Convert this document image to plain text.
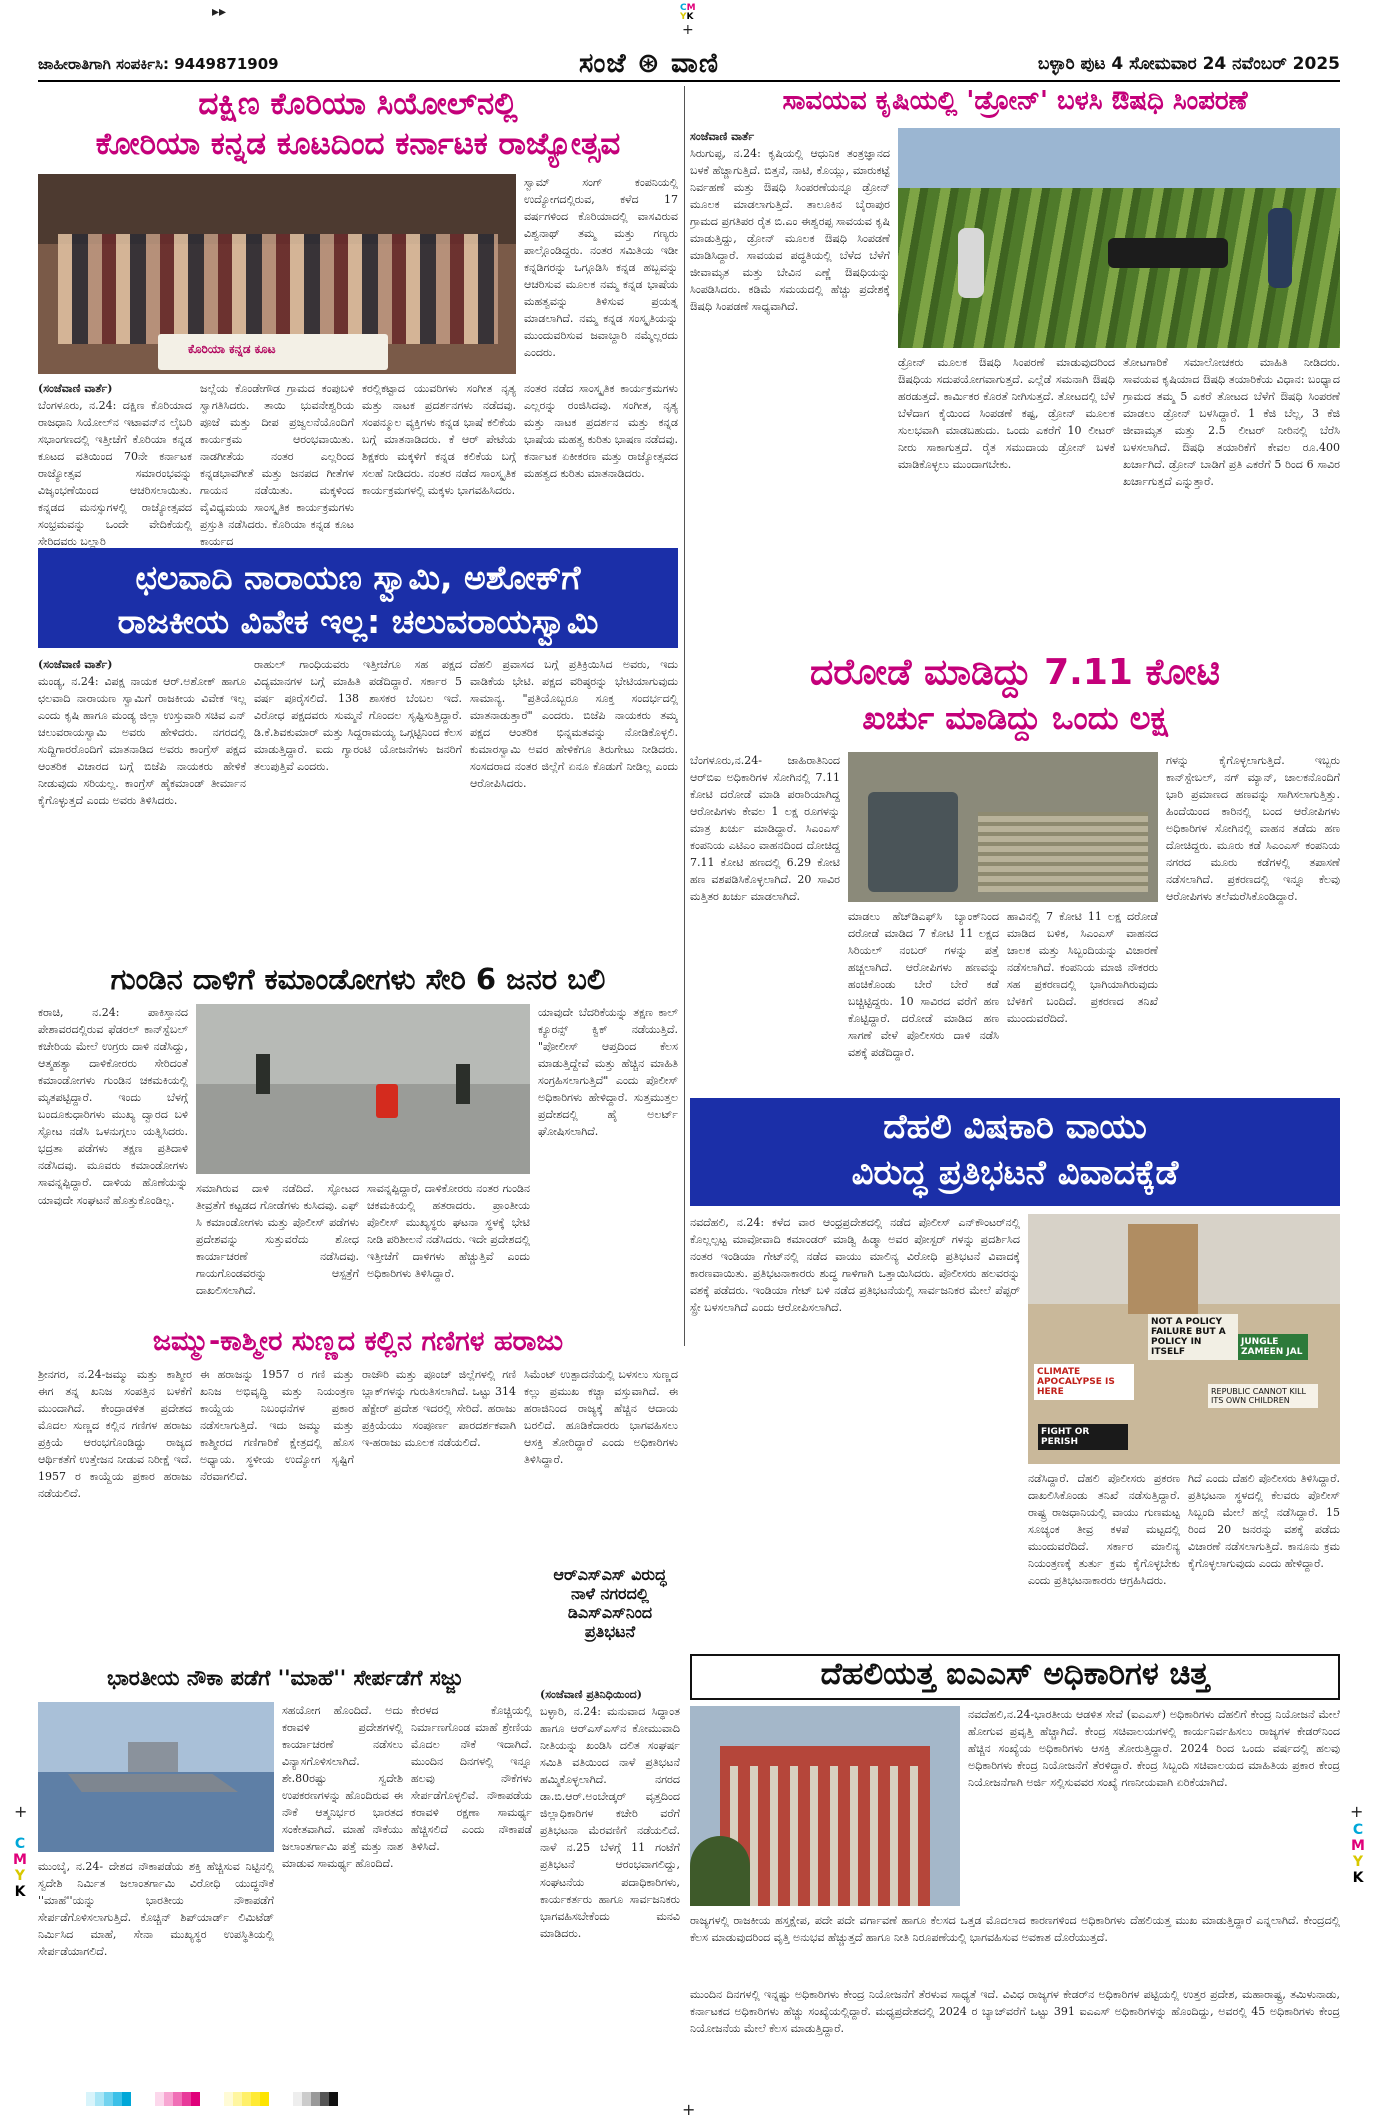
▸▸	CM
YK
+
+	+
+
C
M
Y
K
C
M
Y
K
ಜಾಹೀರಾತಿಗಾಗಿ ಸಂಪರ್ಕಿಸಿ: 9449871909	ಸಂಜೆ ⊛ ವಾಣಿ	ಬಳ್ಳಾರಿ ಪುಟ 4 ಸೋಮವಾರ 24 ನವೆಂಬರ್ 2025
ದಕ್ಷಿಣ ಕೊರಿಯಾ ಸಿಯೋಲ್‌ನಲ್ಲಿ
ಕೋರಿಯಾ ಕನ್ನಡ ಕೂಟದಿಂದ ಕರ್ನಾಟಕ ರಾಜ್ಯೋತ್ಸವ
ಕೊರಿಯಾ ಕನ್ನಡ ಕೂಟ
ಸ್ವಾಮ್ ಸಂಗ್ ಕಂಪನಿಯಲ್ಲಿ ಉದ್ಯೋಗದಲ್ಲಿರುವ, ಕಳೆದ 17 ವರ್ಷಗಳಿಂದ ಕೊರಿಯಾದಲ್ಲಿ ವಾಸವಿರುವ ವಿಶ್ವನಾಥ್ ತಮ್ಮ ಮತ್ತು ಗಣ್ಯರು ಪಾಲ್ಗೊಂಡಿದ್ದರು. ನಂತರ ಸಮಿತಿಯ ಇಡೀ ಕನ್ನಡಿಗರನ್ನು ಒಗ್ಗೂಡಿಸಿ ಕನ್ನಡ ಹಬ್ಬವನ್ನು ಆಚರಿಸುವ ಮೂಲಕ ನಮ್ಮ ಕನ್ನಡ ಭಾಷೆಯ ಮಹತ್ವವನ್ನು ತಿಳಿಸುವ ಪ್ರಯತ್ನ ಮಾಡಲಾಗಿದೆ. ನಮ್ಮ ಕನ್ನಡ ಸಂಸ್ಕೃತಿಯನ್ನು ಮುಂದುವರಿಸುವ ಜವಾಬ್ದಾರಿ ನಮ್ಮೆಲ್ಲರದು ಎಂದರು.
(ಸಂಜೆವಾಣಿ ವಾರ್ತೆ)
ಬೆಂಗಳೂರು, ನ.24: ದಕ್ಷಿಣ ಕೊರಿಯಾದ ರಾಜಧಾನಿ ಸಿಯೋಲ್‌ನ ಇಟಾವನ್‌ನ ಲೈಬರಿ ಸಭಾಂಗಣದಲ್ಲಿ ಇತ್ತೀಚೆಗೆ ಕೊರಿಯಾ ಕನ್ನಡ ಕೂಟದ ವತಿಯಿಂದ 70ನೇ ಕರ್ನಾಟಕ ರಾಜ್ಯೋತ್ಸವ ಸಮಾರಂಭವನ್ನು ವಿಜೃಂಭಣೆಯಿಂದ ಆಚರಿಸಲಾಯಿತು. ಕನ್ನಡದ ಮನಸ್ಸುಗಳಲ್ಲಿ ರಾಜ್ಯೋತ್ಸವದ ಸಂಭ್ರಮವನ್ನು ಒಂದೇ ವೇದಿಕೆಯಲ್ಲಿ ಸೇರಿದವರು ಬಲ್ಲಾರಿ
ಜಲ್ಲೆಯ ಕೊಂಡೇಗೌಡ ಗ್ರಾಮದ ಕಂಪುಬಳಿ ಸ್ವಾಗತಿಸಿದರು. ತಾಯಿ ಭುವನೇಶ್ವರಿಯ ಪೂಜೆ ಮತ್ತು ದೀಪ ಪ್ರಜ್ವಲನೆಯೊಂದಿಗೆ ಕಾರ್ಯಕ್ರಮ ಆರಂಭವಾಯಿತು. ನಾಡಗೀತೆಯ ನಂತರ ಎಲ್ಲರಿಂದ ಕನ್ನಡಭಾವಗೀತೆ ಮತ್ತು ಜನಪದ ಗೀತೆಗಳ ಗಾಯನ ನಡೆಯಿತು. ಮಕ್ಕಳಿಂದ ವೈವಿಧ್ಯಮಯ ಸಾಂಸ್ಕೃತಿಕ ಕಾರ್ಯಕ್ರಮಗಳು ಪ್ರಸ್ತುತಿ ನಡೆಸಿದರು. ಕೊರಿಯಾ ಕನ್ನಡ ಕೂಟ ಕಾರ್ಯದ
ಕರಲ್ಲಿಕಟ್ಟಾದ ಯುವರಿಗಳು ಸಂಗೀತ ನೃತ್ಯ ಮತ್ತು ನಾಟಕ ಪ್ರದರ್ಶನಗಳು ನಡೆದವು. ಸಂಪನ್ಮೂಲ ವ್ಯಕ್ತಿಗಳು ಕನ್ನಡ ಭಾಷೆ ಕಲಿಕೆಯ ಬಗ್ಗೆ ಮಾತನಾಡಿದರು. ಕೆ ಆರ್ ಪೇಟೆಯ ಶಿಕ್ಷಕರು ಮಕ್ಕಳಿಗೆ ಕನ್ನಡ ಕಲಿಕೆಯ ಬಗ್ಗೆ ಸಲಹೆ ನೀಡಿದರು. ನಂತರ ನಡೆದ ಸಾಂಸ್ಕೃತಿಕ ಕಾರ್ಯಕ್ರಮಗಳಲ್ಲಿ ಮಕ್ಕಳು ಭಾಗವಹಿಸಿದರು.
ನಂತರ ನಡೆದ ಸಾಂಸ್ಕೃತಿಕ ಕಾರ್ಯಕ್ರಮಗಳು ಎಲ್ಲರನ್ನು ರಂಜಿಸಿದವು. ಸಂಗೀತ, ನೃತ್ಯ ಮತ್ತು ನಾಟಕ ಪ್ರದರ್ಶನ ಮತ್ತು ಕನ್ನಡ ಭಾಷೆಯ ಮಹತ್ವ ಕುರಿತು ಭಾಷಣ ನಡೆದವು. ಕರ್ನಾಟಕ ಏಕೀಕರಣ ಮತ್ತು ರಾಜ್ಯೋತ್ಸವದ ಮಹತ್ವದ ಕುರಿತು ಮಾತನಾಡಿದರು.
ಸಾವಯವ ಕೃಷಿಯಲ್ಲಿ 'ಡ್ರೋನ್' ಬಳಸಿ ಔಷಧಿ ಸಿಂಪರಣೆ
ಸಂಜೆವಾಣಿ ವಾರ್ತೆ
ಸಿರುಗುಪ್ಪ, ನ.24: ಕೃಷಿಯಲ್ಲಿ ಆಧುನಿಕ ತಂತ್ರಜ್ಞಾನದ ಬಳಕೆ ಹೆಚ್ಚಾಗುತ್ತಿದೆ. ಬಿತ್ತನೆ, ನಾಟಿ, ಕೊಯ್ಲು, ಮಾರುಕಟ್ಟೆ ನಿರ್ವಹಣೆ ಮತ್ತು ಔಷಧಿ ಸಿಂಪರಣೆಯನ್ನೂ ಡ್ರೋನ್ ಮೂಲಕ ಮಾಡಲಾಗುತ್ತಿದೆ. ತಾಲೂಕಿನ ಬೈರಾಪುರ ಗ್ರಾಮದ ಪ್ರಗತಿಪರ ರೈತ ಬಿ.ಎಂ ಈಶ್ವರಪ್ಪ ಸಾವಯವ ಕೃಷಿ ಮಾಡುತ್ತಿದ್ದು, ಡ್ರೋನ್ ಮೂಲಕ ಔಷಧಿ ಸಿಂಪಡಣೆ ಮಾಡಿಸಿದ್ದಾರೆ. ಸಾವಯವ ಪದ್ಧತಿಯಲ್ಲಿ ಬೆಳೆದ ಬೆಳೆಗೆ ಜೀವಾಮೃತ ಮತ್ತು ಬೇವಿನ ಎಣ್ಣೆ ಔಷಧಿಯನ್ನು ಸಿಂಪಡಿಸಿದರು. ಕಡಿಮೆ ಸಮಯದಲ್ಲಿ ಹೆಚ್ಚು ಪ್ರದೇಶಕ್ಕೆ ಔಷಧಿ ಸಿಂಪಡಣೆ ಸಾಧ್ಯವಾಗಿದೆ.
ಡ್ರೋನ್ ಮೂಲಕ ಔಷಧಿ ಸಿಂಪರಣೆ ಮಾಡುವುದರಿಂದ ಔಷಧಿಯ ಸದುಪಯೋಗವಾಗುತ್ತದೆ. ಎಲ್ಲೆಡೆ ಸಮನಾಗಿ ಔಷಧಿ ಹರಡುತ್ತದೆ. ಕಾರ್ಮಿಕರ ಕೊರತೆ ನೀಗಿಸುತ್ತದೆ. ತೋಟದಲ್ಲಿ ಬೆಳೆ ಬೆಳೆದಾಗ ಕೈಯಿಂದ ಸಿಂಪಡಣೆ ಕಷ್ಟ, ಡ್ರೋನ್ ಮೂಲಕ ಸುಲಭವಾಗಿ ಮಾಡಬಹುದು. ಒಂದು ಎಕರೆಗೆ 10 ಲೀಟರ್ ನೀರು ಸಾಕಾಗುತ್ತದೆ. ರೈತ ಸಮುದಾಯ ಡ್ರೋನ್ ಬಳಕೆ ಮಾಡಿಕೊಳ್ಳಲು ಮುಂದಾಗಬೇಕು.
ತೋಟಗಾರಿಕೆ ಸಮಾಲೋಚಕರು ಮಾಹಿತಿ ನೀಡಿದರು. ಸಾವಯವ ಕೃಷಿಯಾದ ಔಷಧಿ ತಯಾರಿಕೆಯ ವಿಧಾನ: ಬಂಧ್ಯಾದ ಗ್ರಾಮದ ತಮ್ಮ 5 ಎಕರೆ ತೋಟದ ಬೆಳೆಗೆ ಔಷಧಿ ಸಿಂಪರಣೆ ಮಾಡಲು ಡ್ರೋನ್ ಬಳಸಿದ್ದಾರೆ. 1 ಕೆಜಿ ಬೆಲ್ಲ, 3 ಕೆಜಿ ಜೀವಾಮೃತ ಮತ್ತು 2.5 ಲೀಟರ್ ನೀರಿನಲ್ಲಿ ಬೆರೆಸಿ ಬಳಸಲಾಗಿದೆ. ಔಷಧಿ ತಯಾರಿಕೆಗೆ ಕೇವಲ ರೂ.400 ಖರ್ಚಾಗಿದೆ. ಡ್ರೋನ್ ಬಾಡಿಗೆ ಪ್ರತಿ ಎಕರೆಗೆ 5 ರಿಂದ 6 ಸಾವಿರ ಖರ್ಚಾಗುತ್ತದೆ ಎನ್ನುತ್ತಾರೆ.
ಛಲವಾದಿ ನಾರಾಯಣ ಸ್ವಾಮಿ, ಅಶೋಕ್‌ಗೆ
ರಾಜಕೀಯ ವಿವೇಕ ಇಲ್ಲ: ಚಲುವರಾಯಸ್ವಾಮಿ
(ಸಂಜೆವಾಣಿ ವಾರ್ತೆ)
ಮಂಡ್ಯ, ನ.24: ವಿಪಕ್ಷ ನಾಯಕ ಆರ್.ಅಶೋಕ್ ಹಾಗೂ ಛಲವಾದಿ ನಾರಾಯಣ ಸ್ವಾಮಿಗೆ ರಾಜಕೀಯ ವಿವೇಕ ಇಲ್ಲ ಎಂದು ಕೃಷಿ ಹಾಗೂ ಮಂಡ್ಯ ಜಿಲ್ಲಾ ಉಸ್ತುವಾರಿ ಸಚಿವ ಎನ್ ಚಲುವರಾಯಸ್ವಾಮಿ ಅವರು ಹೇಳಿದರು. ನಗರದಲ್ಲಿ ಸುದ್ದಿಗಾರರೊಂದಿಗೆ ಮಾತನಾಡಿದ ಅವರು ಕಾಂಗ್ರೆಸ್ ಪಕ್ಷದ ಆಂತರಿಕ ವಿಚಾರದ ಬಗ್ಗೆ ಬಿಜೆಪಿ ನಾಯಕರು ಹೇಳಿಕೆ ನೀಡುವುದು ಸರಿಯಲ್ಲ. ಕಾಂಗ್ರೆಸ್ ಹೈಕಮಾಂಡ್ ತೀರ್ಮಾನ ಕೈಗೊಳ್ಳುತ್ತದೆ ಎಂದು ಅವರು ತಿಳಿಸಿದರು.
ರಾಹುಲ್ ಗಾಂಧಿಯವರು ಇತ್ತೀಚೆಗೂ ಸಹ ಪಕ್ಷದ ವಿದ್ಯಮಾನಗಳ ಬಗ್ಗೆ ಮಾಹಿತಿ ಪಡೆದಿದ್ದಾರೆ. ಸರ್ಕಾರ 5 ವರ್ಷ ಪೂರೈಸಲಿದೆ. 138 ಶಾಸಕರ ಬೆಂಬಲ ಇದೆ. ವಿರೋಧ ಪಕ್ಷದವರು ಸುಮ್ಮನೆ ಗೊಂದಲ ಸೃಷ್ಟಿಸುತ್ತಿದ್ದಾರೆ. ಡಿ.ಕೆ.ಶಿವಕುಮಾರ್ ಮತ್ತು ಸಿದ್ದರಾಮಯ್ಯ ಒಗ್ಗಟ್ಟಿನಿಂದ ಕೆಲಸ ಮಾಡುತ್ತಿದ್ದಾರೆ. ಐದು ಗ್ಯಾರಂಟಿ ಯೋಜನೆಗಳು ಜನರಿಗೆ ತಲುಪುತ್ತಿವೆ ಎಂದರು.
ದೆಹಲಿ ಪ್ರವಾಸದ ಬಗ್ಗೆ ಪ್ರತಿಕ್ರಿಯಿಸಿದ ಅವರು, ಇದು ವಾಡಿಕೆಯ ಭೇಟಿ. ಪಕ್ಷದ ವರಿಷ್ಠರನ್ನು ಭೇಟಿಯಾಗುವುದು ಸಾಮಾನ್ಯ. "ಪ್ರತಿಯೊಬ್ಬರೂ ಸೂಕ್ತ ಸಂದರ್ಭದಲ್ಲಿ ಮಾತನಾಡುತ್ತಾರೆ" ಎಂದರು. ಬಿಜೆಪಿ ನಾಯಕರು ತಮ್ಮ ಪಕ್ಷದ ಆಂತರಿಕ ಭಿನ್ನಮತವನ್ನು ನೋಡಿಕೊಳ್ಳಲಿ. ಕುಮಾರಸ್ವಾಮಿ ಅವರ ಹೇಳಿಕೆಗೂ ತಿರುಗೇಟು ನೀಡಿದರು. ಸಂಸದರಾದ ನಂತರ ಜಿಲ್ಲೆಗೆ ಏನೂ ಕೊಡುಗೆ ನೀಡಿಲ್ಲ ಎಂದು ಆರೋಪಿಸಿದರು.
ದರೋಡೆ ಮಾಡಿದ್ದು 7.11 ಕೋಟಿ
ಖರ್ಚು ಮಾಡಿದ್ದು ಒಂದು ಲಕ್ಷ
ಬೆಂಗಳೂರು,ನ.24- ಜಾಹಿರಾತಿನಿಂದ ಆರ್‌ಬಿಐ ಅಧಿಕಾರಿಗಳ ಸೋಗಿನಲ್ಲಿ 7.11 ಕೋಟಿ ದರೋಡೆ ಮಾಡಿ ಪರಾರಿಯಾಗಿದ್ದ ಆರೋಪಿಗಳು ಕೇವಲ 1 ಲಕ್ಷ ರೂಗಳನ್ನು ಮಾತ್ರ ಖರ್ಚು ಮಾಡಿದ್ದಾರೆ. ಸಿಎಂಎಸ್ ಕಂಪನಿಯ ಎಟಿಎಂ ವಾಹನದಿಂದ ದೋಚಿದ್ದ 7.11 ಕೋಟಿ ಹಣದಲ್ಲಿ 6.29 ಕೋಟಿ ಹಣ ವಶಪಡಿಸಿಕೊಳ್ಳಲಾಗಿದೆ. 20 ಸಾವಿರ ಮತ್ತಿತರ ಖರ್ಚು ಮಾಡಲಾಗಿದೆ.
ಮಾಡಲು ಹೆಚ್‌ಡಿಎಫ್‌ಸಿ ಬ್ಯಾಂಕ್‌ನಿಂದ ದರೋಡೆ ಮಾಡಿದ 7 ಕೋಟಿ 11 ಲಕ್ಷದ ಸಿರಿಯಲ್ ನಂಬರ್ ಗಳನ್ನು ಪತ್ತೆ ಹಚ್ಚಲಾಗಿದೆ. ಆರೋಪಿಗಳು ಹಣವನ್ನು ಹಂಚಿಕೊಂಡು ಬೇರೆ ಬೇರೆ ಕಡೆ ಬಚ್ಚಿಟ್ಟಿದ್ದರು. 10 ಸಾವಿರದ ವರೆಗೆ ಹಣ ಕೊಟ್ಟಿದ್ದಾರೆ. ದರೋಡೆ ಮಾಡಿದ ಹಣ ಸಾಗಣೆ ವೇಳೆ ಪೊಲೀಸರು ದಾಳಿ ನಡೆಸಿ ವಶಕ್ಕೆ ಪಡೆದಿದ್ದಾರೆ.
ಹಾವಿನಲ್ಲಿ 7 ಕೋಟಿ 11 ಲಕ್ಷ ದರೋಡೆ ಮಾಡಿದ ಬಳಿಕ, ಸಿಎಂಎಸ್ ವಾಹನದ ಚಾಲಕ ಮತ್ತು ಸಿಬ್ಬಂದಿಯನ್ನು ವಿಚಾರಣೆ ನಡೆಸಲಾಗಿದೆ. ಕಂಪನಿಯ ಮಾಜಿ ನೌಕರರು ಸಹ ಪ್ರಕರಣದಲ್ಲಿ ಭಾಗಿಯಾಗಿರುವುದು ಬೆಳಕಿಗೆ ಬಂದಿದೆ. ಪ್ರಕರಣದ ತನಿಖೆ ಮುಂದುವರೆದಿದೆ.
ಗಳನ್ನು ಕೈಗೊಳ್ಳಲಾಗುತ್ತಿದೆ. ಇಬ್ಬರು ಕಾನ್‌ಸ್ಟೇಬಲ್, ನಗ್ ಮ್ಯಾನ್, ಚಾಲಕನೊಂದಿಗೆ ಭಾರಿ ಪ್ರಮಾಣದ ಹಣವನ್ನು ಸಾಗಿಸಲಾಗುತ್ತಿತ್ತು. ಹಿಂದೆಯಿಂದ ಕಾರಿನಲ್ಲಿ ಬಂದ ಆರೋಪಿಗಳು ಅಧಿಕಾರಿಗಳ ಸೋಗಿನಲ್ಲಿ ವಾಹನ ತಡೆದು ಹಣ ದೋಚಿದ್ದರು. ಮೂರು ಕಡೆ ಸಿಎಂಎಸ್ ಕಂಪನಿಯ ನಗರದ ಮೂರು ಕಡೆಗಳಲ್ಲಿ ತಪಾಸಣೆ ನಡೆಸಲಾಗಿದೆ. ಪ್ರಕರಣದಲ್ಲಿ ಇನ್ನೂ ಕೆಲವು ಆರೋಪಿಗಳು ತಲೆಮರೆಸಿಕೊಂಡಿದ್ದಾರೆ.
ಗುಂಡಿನ ದಾಳಿಗೆ ಕಮಾಂಡೋಗಳು ಸೇರಿ 6 ಜನರ ಬಲಿ
ಕರಾಚಿ, ನ.24: ಪಾಕಿಸ್ತಾನದ ಪೇಶಾವರದಲ್ಲಿರುವ ಫೆಡರಲ್ ಕಾನ್‌ಸ್ಟೆಬಲ್ ಕಚೇರಿಯ ಮೇಲೆ ಉಗ್ರರು ದಾಳಿ ನಡೆಸಿದ್ದು, ಆತ್ಮಹತ್ಯಾ ದಾಳಿಕೋರರು ಸೇರಿದಂತೆ ಕಮಾಂಡೋಗಳು ಗುಂಡಿನ ಚಕಮಕಿಯಲ್ಲಿ ಮೃತಪಟ್ಟಿದ್ದಾರೆ. ಇಂದು ಬೆಳಗ್ಗೆ ಬಂದೂಕುಧಾರಿಗಳು ಮುಖ್ಯ ದ್ವಾರದ ಬಳಿ ಸ್ಫೋಟ ನಡೆಸಿ ಒಳನುಗ್ಗಲು ಯತ್ನಿಸಿದರು. ಭದ್ರತಾ ಪಡೆಗಳು ತಕ್ಷಣ ಪ್ರತಿದಾಳಿ ನಡೆಸಿದವು. ಮೂವರು ಕಮಾಂಡೋಗಳು ಸಾವನ್ನಪ್ಪಿದ್ದಾರೆ. ದಾಳಿಯ ಹೊಣೆಯನ್ನು ಯಾವುದೇ ಸಂಘಟನೆ ಹೊತ್ತುಕೊಂಡಿಲ್ಲ.
ಸಮಾಗಿರುವ ದಾಳಿ ನಡೆದಿದೆ. ಸ್ಫೋಟದ ತೀವ್ರತೆಗೆ ಕಟ್ಟಡದ ಗೋಡೆಗಳು ಕುಸಿದವು. ಎಫ್ ಸಿ ಕಮಾಂಡೋಗಳು ಮತ್ತು ಪೊಲೀಸ್ ಪಡೆಗಳು ಪ್ರದೇಶವನ್ನು ಸುತ್ತುವರೆದು ಶೋಧ ಕಾರ್ಯಾಚರಣೆ ನಡೆಸಿದವು. ಗಾಯಗೊಂಡವರನ್ನು ಆಸ್ಪತ್ರೆಗೆ ದಾಖಲಿಸಲಾಗಿದೆ.
ಸಾವನ್ನಪ್ಪಿದ್ದಾರೆ, ದಾಳಿಕೋರರು ನಂತರ ಗುಂಡಿನ ಚಕಮಕಿಯಲ್ಲಿ ಹತರಾದರು. ಪ್ರಾಂತೀಯ ಪೊಲೀಸ್ ಮುಖ್ಯಸ್ಥರು ಘಟನಾ ಸ್ಥಳಕ್ಕೆ ಭೇಟಿ ನೀಡಿ ಪರಿಶೀಲನೆ ನಡೆಸಿದರು. ಇದೇ ಪ್ರದೇಶದಲ್ಲಿ ಇತ್ತೀಚೆಗೆ ದಾಳಿಗಳು ಹೆಚ್ಚುತ್ತಿವೆ ಎಂದು ಅಧಿಕಾರಿಗಳು ತಿಳಿಸಿದ್ದಾರೆ.
ಯಾವುದೇ ಬೆದರಿಕೆಯನ್ನು ತಕ್ಷಣ ಕಾಲ್ ಕ್ಯೂರನ್ಸ್ ಕ್ವಿಕ್ ನಡೆಯುತ್ತಿದೆ. "ಪೋಲೀಸ್ ಆಪ್ತದಿಂದ ಕೆಲಸ ಮಾಡುತ್ತಿದ್ದೇವೆ ಮತ್ತು ಹೆಚ್ಚಿನ ಮಾಹಿತಿ ಸಂಗ್ರಹಿಸಲಾಗುತ್ತಿದೆ" ಎಂದು ಪೊಲೀಸ್ ಅಧಿಕಾರಿಗಳು ಹೇಳಿದ್ದಾರೆ. ಸುತ್ತಮುತ್ತಲ ಪ್ರದೇಶದಲ್ಲಿ ಹೈ ಅಲರ್ಟ್ ಘೋಷಿಸಲಾಗಿದೆ.	ದೆಹಲಿ ವಿಷಕಾರಿ ವಾಯು
ವಿರುದ್ಧ ಪ್ರತಿಭಟನೆ ವಿವಾದಕ್ಕೆಡೆ
ನವದೆಹಲಿ, ನ.24: ಕಳೆದ ವಾರ ಆಂಧ್ರಪ್ರದೇಶದಲ್ಲಿ ನಡೆದ ಪೊಲೀಸ್ ಎನ್‌ಕೌಂಟರ್‌ನಲ್ಲಿ ಕೊಲ್ಲಲ್ಪಟ್ಟ ಮಾವೋವಾದಿ ಕಮಾಂಡರ್ ಮಾಡ್ವಿ ಹಿಡ್ಮಾ ಅವರ ಪೋಸ್ಟರ್ ಗಳನ್ನು ಪ್ರದರ್ಶಿಸಿದ ನಂತರ ಇಂಡಿಯಾ ಗೇಟ್‌ನಲ್ಲಿ ನಡೆದ ವಾಯು ಮಾಲಿನ್ಯ ವಿರೋಧಿ ಪ್ರತಿಭಟನೆ ವಿವಾದಕ್ಕೆ ಕಾರಣವಾಯಿತು. ಪ್ರತಿಭಟನಾಕಾರರು ಶುದ್ಧ ಗಾಳಿಗಾಗಿ ಒತ್ತಾಯಿಸಿದರು. ಪೊಲೀಸರು ಹಲವರನ್ನು ವಶಕ್ಕೆ ಪಡೆದರು. ಇಂಡಿಯಾ ಗೇಟ್ ಬಳಿ ನಡೆದ ಪ್ರತಿಭಟನೆಯಲ್ಲಿ ಸಾರ್ವಜನಿಕರ ಮೇಲೆ ಪೆಪ್ಪರ್ ಸ್ಪ್ರೇ ಬಳಸಲಾಗಿದೆ ಎಂದು ಆರೋಪಿಸಲಾಗಿದೆ.
NOT A POLICY FAILURE BUT A POLICY IN ITSELF
CLIMATE APOCALYPSE IS HERE
FIGHT OR PERISH
REPUBLIC CANNOT KILL ITS OWN CHILDREN
JUNGLE ZAMEEN JAL
ನಡೆಸಿದ್ದಾರೆ. ದೆಹಲಿ ಪೊಲೀಸರು ಪ್ರಕರಣ ದಾಖಲಿಸಿಕೊಂಡು ತನಿಖೆ ನಡೆಸುತ್ತಿದ್ದಾರೆ. ರಾಷ್ಟ್ರ ರಾಜಧಾನಿಯಲ್ಲಿ ವಾಯು ಗುಣಮಟ್ಟ ಸೂಚ್ಯಂಕ ತೀವ್ರ ಕಳಪೆ ಮಟ್ಟದಲ್ಲಿ ಮುಂದುವರೆದಿದೆ. ಸರ್ಕಾರ ಮಾಲಿನ್ಯ ನಿಯಂತ್ರಣಕ್ಕೆ ತುರ್ತು ಕ್ರಮ ಕೈಗೊಳ್ಳಬೇಕು ಎಂದು ಪ್ರತಿಭಟನಾಕಾರರು ಆಗ್ರಹಿಸಿದರು.
ಗಿದೆ ಎಂದು ದೆಹಲಿ ಪೊಲೀಸರು ತಿಳಿಸಿದ್ದಾರೆ. ಪ್ರತಿಭಟನಾ ಸ್ಥಳದಲ್ಲಿ ಕೆಲವರು ಪೊಲೀಸ್ ಸಿಬ್ಬಂದಿ ಮೇಲೆ ಹಲ್ಲೆ ನಡೆಸಿದ್ದಾರೆ. 15 ರಿಂದ 20 ಜನರನ್ನು ವಶಕ್ಕೆ ಪಡೆದು ವಿಚಾರಣೆ ನಡೆಸಲಾಗುತ್ತಿದೆ. ಕಾನೂನು ಕ್ರಮ ಕೈಗೊಳ್ಳಲಾಗುವುದು ಎಂದು ಹೇಳಿದ್ದಾರೆ.
ಜಮ್ಮು-ಕಾಶ್ಮೀರ ಸುಣ್ಣದ ಕಲ್ಲಿನ ಗಣಿಗಳ ಹರಾಜು
ಶ್ರೀನಗರ, ನ.24-ಜಮ್ಮು ಮತ್ತು ಕಾಶ್ಮೀರ ಈಗ ತನ್ನ ಖನಿಜ ಸಂಪತ್ತಿನ ಬಳಕೆಗೆ ಮುಂದಾಗಿದೆ. ಕೇಂದ್ರಾಡಳಿತ ಪ್ರದೇಶದ ಮೊದಲ ಸುಣ್ಣದ ಕಲ್ಲಿನ ಗಣಿಗಳ ಹರಾಜು ಪ್ರಕ್ರಿಯೆ ಆರಂಭಗೊಂಡಿದ್ದು ರಾಜ್ಯದ ಆರ್ಥಿಕತೆಗೆ ಉತ್ತೇಜನ ನೀಡುವ ನಿರೀಕ್ಷೆ ಇದೆ. 1957 ರ ಕಾಯ್ದೆಯ ಪ್ರಕಾರ ಹರಾಜು ನಡೆಯಲಿದೆ.
ಈ ಹರಾಜನ್ನು 1957 ರ ಗಣಿ ಮತ್ತು ಖನಿಜ ಅಭಿವೃದ್ಧಿ ಮತ್ತು ನಿಯಂತ್ರಣ ಕಾಯ್ದೆಯ ನಿಬಂಧನೆಗಳ ಪ್ರಕಾರ ನಡೆಸಲಾಗುತ್ತಿದೆ. ಇದು ಜಮ್ಮು ಮತ್ತು ಕಾಶ್ಮೀರದ ಗಣಿಗಾರಿಕೆ ಕ್ಷೇತ್ರದಲ್ಲಿ ಹೊಸ ಅಧ್ಯಾಯ. ಸ್ಥಳೀಯ ಉದ್ಯೋಗ ಸೃಷ್ಟಿಗೆ ನೆರವಾಗಲಿದೆ.
ರಾಜೌರಿ ಮತ್ತು ಪೂಂಚ್ ಜಿಲ್ಲೆಗಳಲ್ಲಿ ಗಣಿ ಬ್ಲಾಕ್‌ಗಳನ್ನು ಗುರುತಿಸಲಾಗಿದೆ. ಒಟ್ಟು 314 ಹೆಕ್ಟೇರ್ ಪ್ರದೇಶ ಇದರಲ್ಲಿ ಸೇರಿದೆ. ಹರಾಜು ಪ್ರಕ್ರಿಯೆಯು ಸಂಪೂರ್ಣ ಪಾರದರ್ಶಕವಾಗಿ ಇ-ಹರಾಜು ಮೂಲಕ ನಡೆಯಲಿದೆ.
ಸಿಮೆಂಟ್ ಉತ್ಪಾದನೆಯಲ್ಲಿ ಬಳಸಲು ಸುಣ್ಣದ ಕಲ್ಲು ಪ್ರಮುಖ ಕಚ್ಚಾ ವಸ್ತುವಾಗಿದೆ. ಈ ಹರಾಜಿನಿಂದ ರಾಜ್ಯಕ್ಕೆ ಹೆಚ್ಚಿನ ಆದಾಯ ಬರಲಿದೆ. ಹೂಡಿಕೆದಾರರು ಭಾಗವಹಿಸಲು ಆಸಕ್ತಿ ತೋರಿದ್ದಾರೆ ಎಂದು ಅಧಿಕಾರಿಗಳು ತಿಳಿಸಿದ್ದಾರೆ.
ಆರ್‌ಎಸ್‌ಎಸ್ ವಿರುದ್ಧ ನಾಳೆ ನಗರದಲ್ಲಿ ಡಿಎಸ್‌ಎಸ್‌ನಿಂದ ಪ್ರತಿಭಟನೆ
(ಸಂಜೆವಾಣಿ ಪ್ರತಿನಿಧಿಯಿಂದ)
ಬಳ್ಳಾರಿ, ನ.24: ಮನುವಾದ ಸಿದ್ಧಾಂತ ಹಾಗೂ ಆರ್‌ಎಸ್‌ಎಸ್‌ನ ಕೋಮುವಾದಿ ನೀತಿಯನ್ನು ಖಂಡಿಸಿ ದಲಿತ ಸಂಘರ್ಷ ಸಮಿತಿ ವತಿಯಿಂದ ನಾಳೆ ಪ್ರತಿಭಟನೆ ಹಮ್ಮಿಕೊಳ್ಳಲಾಗಿದೆ. ನಗರದ ಡಾ.ಬಿ.ಆರ್.ಅಂಬೇಡ್ಕರ್ ವೃತ್ತದಿಂದ ಜಿಲ್ಲಾಧಿಕಾರಿಗಳ ಕಚೇರಿ ವರೆಗೆ ಪ್ರತಿಭಟನಾ ಮೆರವಣಿಗೆ ನಡೆಯಲಿದೆ. ನಾಳೆ ನ.25 ಬೆಳಗ್ಗೆ 11 ಗಂಟೆಗೆ ಪ್ರತಿಭಟನೆ ಆರಂಭವಾಗಲಿದ್ದು, ಸಂಘಟನೆಯ ಪದಾಧಿಕಾರಿಗಳು, ಕಾರ್ಯಕರ್ತರು ಹಾಗೂ ಸಾರ್ವಜನಿಕರು ಭಾಗವಹಿಸಬೇಕೆಂದು ಮನವಿ ಮಾಡಿದರು.
ಭಾರತೀಯ ನೌಕಾ ಪಡೆಗೆ ''ಮಾಹೆ'' ಸೇರ್ಪಡೆಗೆ ಸಜ್ಜು
ಮುಂಬೈ, ನ.24- ದೇಶದ ನೌಕಾಪಡೆಯ ಶಕ್ತಿ ಹೆಚ್ಚಿಸುವ ನಿಟ್ಟಿನಲ್ಲಿ ಸ್ವದೇಶಿ ನಿರ್ಮಿತ ಜಲಾಂತರ್ಗಾಮಿ ವಿರೋಧಿ ಯುದ್ಧನೌಕೆ ''ಮಾಹೆ''ಯನ್ನು ಭಾರತೀಯ ನೌಕಾಪಡೆಗೆ ಸೇರ್ಪಡೆಗೊಳಿಸಲಾಗುತ್ತಿದೆ. ಕೊಚ್ಚಿನ್ ಶಿಪ್‌ಯಾರ್ಡ್ ಲಿಮಿಟೆಡ್ ನಿರ್ಮಿಸಿದ ಮಾಹೆ, ಸೇನಾ ಮುಖ್ಯಸ್ಥರ ಉಪಸ್ಥಿತಿಯಲ್ಲಿ ಸೇರ್ಪಡೆಯಾಗಲಿದೆ.
ಸಹಯೋಗ ಹೊಂದಿದೆ. ಅದು ಕರಾವಳಿ ಪ್ರದೇಶಗಳಲ್ಲಿ ಕಾರ್ಯಾಚರಣೆ ನಡೆಸಲು ವಿನ್ಯಾಸಗೊಳಿಸಲಾಗಿದೆ. ಶೇ.80ರಷ್ಟು ಸ್ವದೇಶಿ ಉಪಕರಣಗಳನ್ನು ಹೊಂದಿರುವ ಈ ನೌಕೆ ಆತ್ಮನಿರ್ಭರ ಭಾರತದ ಸಂಕೇತವಾಗಿದೆ. ಮಾಹೆ ನೌಕೆಯು ಜಲಾಂತರ್ಗಾಮಿ ಪತ್ತೆ ಮತ್ತು ನಾಶ ಮಾಡುವ ಸಾಮರ್ಥ್ಯ ಹೊಂದಿದೆ.
ಕೇರಳದ ಕೊಚ್ಚಿಯಲ್ಲಿ ನಿರ್ಮಾಣಗೊಂಡ ಮಾಹೆ ಶ್ರೇಣಿಯ ಮೊದಲ ನೌಕೆ ಇದಾಗಿದೆ. ಮುಂದಿನ ದಿನಗಳಲ್ಲಿ ಇನ್ನೂ ಹಲವು ನೌಕೆಗಳು ಸೇರ್ಪಡೆಗೊಳ್ಳಲಿವೆ. ನೌಕಾಪಡೆಯ ಕರಾವಳಿ ರಕ್ಷಣಾ ಸಾಮರ್ಥ್ಯ ಹೆಚ್ಚಿಸಲಿದೆ ಎಂದು ನೌಕಾಪಡೆ ತಿಳಿಸಿದೆ.
ದೆಹಲಿಯತ್ತ ಐಎಎಸ್ ಅಧಿಕಾರಿಗಳ ಚಿತ್ತ
ನವದೆಹಲಿ,ನ.24-ಭಾರತೀಯ ಆಡಳಿತ ಸೇವೆ (ಐಎಎಸ್) ಅಧಿಕಾರಿಗಳು ದೆಹಲಿಗೆ ಕೇಂದ್ರ ನಿಯೋಜನೆ ಮೇಲೆ ಹೋಗುವ ಪ್ರವೃತ್ತಿ ಹೆಚ್ಚಾಗಿದೆ. ಕೇಂದ್ರ ಸಚಿವಾಲಯಗಳಲ್ಲಿ ಕಾರ್ಯನಿರ್ವಹಿಸಲು ರಾಜ್ಯಗಳ ಕೇಡರ್‌ನಿಂದ ಹೆಚ್ಚಿನ ಸಂಖ್ಯೆಯ ಅಧಿಕಾರಿಗಳು ಆಸಕ್ತಿ ತೋರುತ್ತಿದ್ದಾರೆ. 2024 ರಿಂದ ಒಂದು ವರ್ಷದಲ್ಲಿ ಹಲವು ಅಧಿಕಾರಿಗಳು ಕೇಂದ್ರ ನಿಯೋಜನೆಗೆ ತೆರಳಿದ್ದಾರೆ. ಕೇಂದ್ರ ಸಿಬ್ಬಂದಿ ಸಚಿವಾಲಯದ ಮಾಹಿತಿಯ ಪ್ರಕಾರ ಕೇಂದ್ರ ನಿಯೋಜನೆಗಾಗಿ ಅರ್ಜಿ ಸಲ್ಲಿಸುವವರ ಸಂಖ್ಯೆ ಗಣನೀಯವಾಗಿ ಏರಿಕೆಯಾಗಿದೆ.
ರಾಜ್ಯಗಳಲ್ಲಿ ರಾಜಕೀಯ ಹಸ್ತಕ್ಷೇಪ, ಪದೇ ಪದೇ ವರ್ಗಾವಣೆ ಹಾಗೂ ಕೆಲಸದ ಒತ್ತಡ ಮೊದಲಾದ ಕಾರಣಗಳಿಂದ ಅಧಿಕಾರಿಗಳು ದೆಹಲಿಯತ್ತ ಮುಖ ಮಾಡುತ್ತಿದ್ದಾರೆ ಎನ್ನಲಾಗಿದೆ. ಕೇಂದ್ರದಲ್ಲಿ ಕೆಲಸ ಮಾಡುವುದರಿಂದ ವೃತ್ತಿ ಅನುಭವ ಹೆಚ್ಚುತ್ತದೆ ಹಾಗೂ ನೀತಿ ನಿರೂಪಣೆಯಲ್ಲಿ ಭಾಗವಹಿಸುವ ಅವಕಾಶ ದೊರೆಯುತ್ತದೆ.
ಮುಂದಿನ ದಿನಗಳಲ್ಲಿ ಇನ್ನಷ್ಟು ಅಧಿಕಾರಿಗಳು ಕೇಂದ್ರ ನಿಯೋಜನೆಗೆ ತೆರಳುವ ಸಾಧ್ಯತೆ ಇದೆ. ವಿವಿಧ ರಾಜ್ಯಗಳ ಕೇಡರ್‌ನ ಅಧಿಕಾರಿಗಳ ಪಟ್ಟಿಯಲ್ಲಿ ಉತ್ತರ ಪ್ರದೇಶ, ಮಹಾರಾಷ್ಟ್ರ, ತಮಿಳುನಾಡು, ಕರ್ನಾಟಕದ ಅಧಿಕಾರಿಗಳು ಹೆಚ್ಚು ಸಂಖ್ಯೆಯಲ್ಲಿದ್ದಾರೆ. ಮಧ್ಯಪ್ರದೇಶದಲ್ಲಿ 2024 ರ ಬ್ಯಾಚ್‌ವರೆಗೆ ಒಟ್ಟು 391 ಐಎಎಸ್ ಅಧಿಕಾರಿಗಳನ್ನು ಹೊಂದಿದ್ದು, ಅವರಲ್ಲಿ 45 ಅಧಿಕಾರಿಗಳು ಕೇಂದ್ರ ನಿಯೋಜನೆಯ ಮೇಲೆ ಕೆಲಸ ಮಾಡುತ್ತಿದ್ದಾರೆ.
